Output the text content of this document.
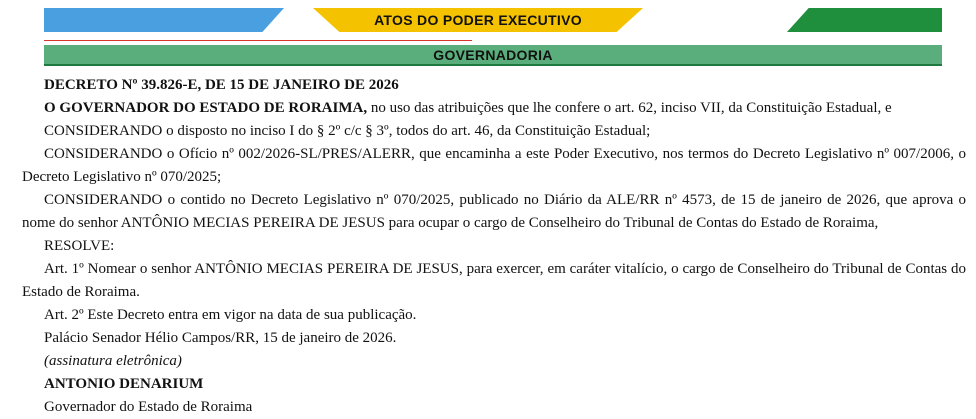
ATOS DO PODER EXECUTIVO
GOVERNADORIA

DECRETO Nº 39.826-E, DE 15 DE JANEIRO DE 2026

O GOVERNADOR DO ESTADO DE RORAIMA, no uso das atribuições que lhe confere o art. 62, inciso VII, da Constituição Estadual, e

CONSIDERANDO o disposto no inciso I do § 2º c/c § 3º, todos do art. 46, da Constituição Estadual;

CONSIDERANDO o Ofício nº 002/2026-SL/PRES/ALERR, que encaminha a este Poder Executivo, nos termos do Decreto Legislativo nº 007/2006, o Decreto Legislativo nº 070/2025;

CONSIDERANDO o contido no Decreto Legislativo nº 070/2025, publicado no Diário da ALE/RR nº 4573, de 15 de janeiro de 2026, que aprova o nome do senhor ANTÔNIO MECIAS PEREIRA DE JESUS para ocupar o cargo de Conselheiro do Tribunal de Contas do Estado de Roraima,

RESOLVE:

Art. 1º Nomear o senhor ANTÔNIO MECIAS PEREIRA DE JESUS, para exercer, em caráter vitalício, o cargo de Conselheiro do Tribunal de Contas do Estado de Roraima.

Art. 2º Este Decreto entra em vigor na data de sua publicação.

Palácio Senador Hélio Campos/RR, 15 de janeiro de 2026.

(assinatura eletrônica)

ANTONIO DENARIUM

Governador do Estado de Roraima
